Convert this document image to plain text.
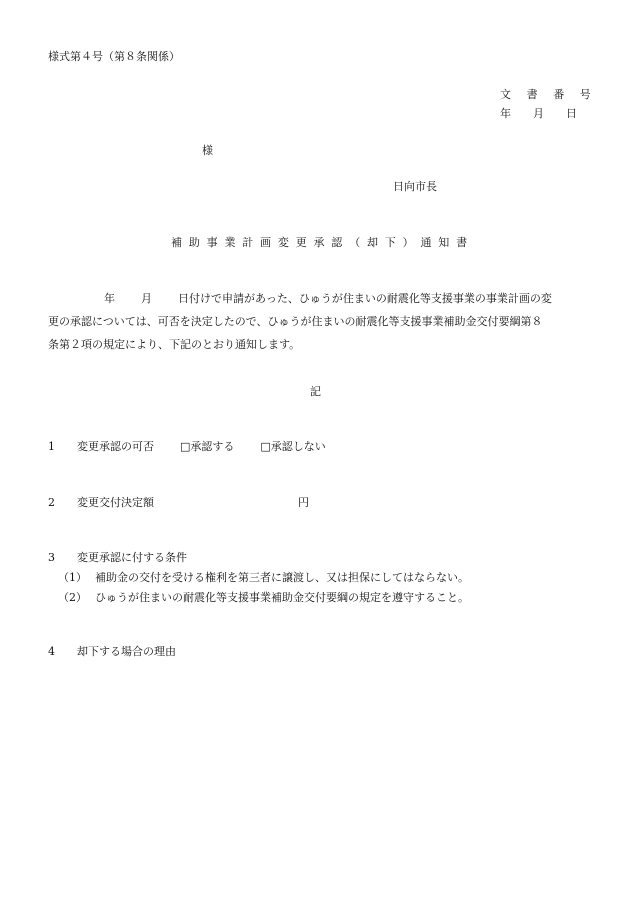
様式第４号（第８条関係）
文 書 番 号
年　　月　　日
様
日向市長
補助事業計画変更承認（却下）通知書
年 月 日付けで申請があった、ひゅうが住まいの耐震化等支援事業の事業計画の変
更の承認については、可否を決定したので、ひゅうが住まいの耐震化等支援事業補助金交付要綱第８
条第２項の規定により、下記のとおり通知します。
記
1 変更承認の可否 □承認する □承認しない
2 変更交付決定額	円
3 変更承認に付する条件
（1） 補助金の交付を受ける権利を第三者に譲渡し、又は担保にしてはならない。
（2） ひゅうが住まいの耐震化等支援事業補助金交付要綱の規定を遵守すること。
4 却下する場合の理由
